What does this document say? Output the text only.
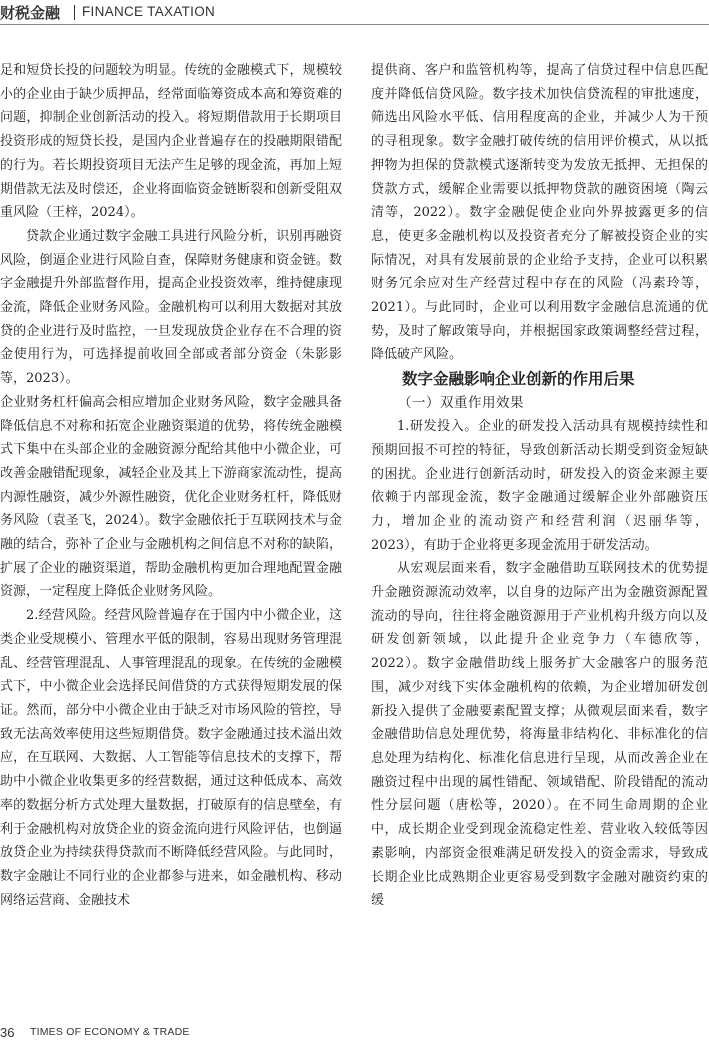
财税金融 FINANCE TAXATION

足和短贷长投的问题较为明显。传统的金融模式下，规模较小的企业由于缺少质押品，经常面临筹资成本高和筹资难的问题，抑制企业创新活动的投入。将短期借款用于长期项目投资形成的短贷长投，是国内企业普遍存在的投融期限错配的行为。若长期投资项目无法产生足够的现金流，再加上短期借款无法及时偿还，企业将面临资金链断裂和创新受阻双重风险（王梓，2024）。

贷款企业通过数字金融工具进行风险分析，识别再融资风险，倒逼企业进行风险自查，保障财务健康和资金链。数字金融提升外部监督作用，提高企业投资效率，维持健康现金流，降低企业财务风险。金融机构可以利用大数据对其放贷的企业进行及时监控，一旦发现放贷企业存在不合理的资金使用行为，可选择提前收回全部或者部分资金（朱影影等，2023）。

企业财务杠杆偏高会相应增加企业财务风险，数字金融具备降低信息不对称和拓宽企业融资渠道的优势，将传统金融模式下集中在头部企业的金融资源分配给其他中小微企业，可改善金融错配现象，减轻企业及其上下游商家流动性，提高内源性融资，减少外源性融资，优化企业财务杠杆，降低财务风险（袁圣飞，2024）。数字金融依托于互联网技术与金融的结合，弥补了企业与金融机构之间信息不对称的缺陷，扩展了企业的融资渠道，帮助金融机构更加合理地配置金融资源，一定程度上降低企业财务风险。

2.经营风险。经营风险普遍存在于国内中小微企业，这类企业受规模小、管理水平低的限制，容易出现财务管理混乱、经营管理混乱、人事管理混乱的现象。在传统的金融模式下，中小微企业会选择民间借贷的方式获得短期发展的保证。然而，部分中小微企业由于缺乏对市场风险的管控，导致无法高效率使用这些短期借贷。数字金融通过技术溢出效应，在互联网、大数据、人工智能等信息技术的支撑下，帮助中小微企业收集更多的经营数据，通过这种低成本、高效率的数据分析方式处理大量数据，打破原有的信息壁垒，有利于金融机构对放贷企业的资金流向进行风险评估，也倒逼放贷企业为持续获得贷款而不断降低经营风险。与此同时，数字金融让不同行业的企业都参与进来，如金融机构、移动网络运营商、金融技术

提供商、客户和监管机构等，提高了信贷过程中信息匹配度并降低信贷风险。数字技术加快信贷流程的审批速度，筛选出风险水平低、信用程度高的企业，并减少人为干预的寻租现象。数字金融打破传统的信用评价模式，从以抵押物为担保的贷款模式逐渐转变为发放无抵押、无担保的贷款方式，缓解企业需要以抵押物贷款的融资困境（陶云清等，2022）。数字金融促使企业向外界披露更多的信息，使更多金融机构以及投资者充分了解被投资企业的实际情况，对具有发展前景的企业给予支持，企业可以积累财务冗余应对生产经营过程中存在的风险（冯素玲等，2021）。与此同时，企业可以利用数字金融信息流通的优势，及时了解政策导向，并根据国家政策调整经营过程，降低破产风险。

数字金融影响企业创新的作用后果

（一）双重作用效果

1.研发投入。企业的研发投入活动具有规模持续性和预期回报不可控的特征，导致创新活动长期受到资金短缺的困扰。企业进行创新活动时，研发投入的资金来源主要依赖于内部现金流，数字金融通过缓解企业外部融资压力，增加企业的流动资产和经营利润（迟丽华等，2023），有助于企业将更多现金流用于研发活动。

从宏观层面来看，数字金融借助互联网技术的优势提升金融资源流动效率，以自身的边际产出为金融资源配置流动的导向，往往将金融资源用于产业机构升级方向以及研发创新领域，以此提升企业竞争力（车德欣等，2022）。数字金融借助线上服务扩大金融客户的服务范围，减少对线下实体金融机构的依赖，为企业增加研发创新投入提供了金融要素配置支撑；从微观层面来看，数字金融借助信息处理优势，将海量非结构化、非标准化的信息处理为结构化、标准化信息进行呈现，从而改善企业在融资过程中出现的属性错配、领域错配、阶段错配的流动性分层问题（唐松等，2020）。在不同生命周期的企业中，成长期企业受到现金流稳定性差、营业收入较低等因素影响，内部资金很难满足研发投入的资金需求，导致成长期企业比成熟期企业更容易受到数字金融对融资约束的缓

36 TIMES OF ECONOMY & TRADE
